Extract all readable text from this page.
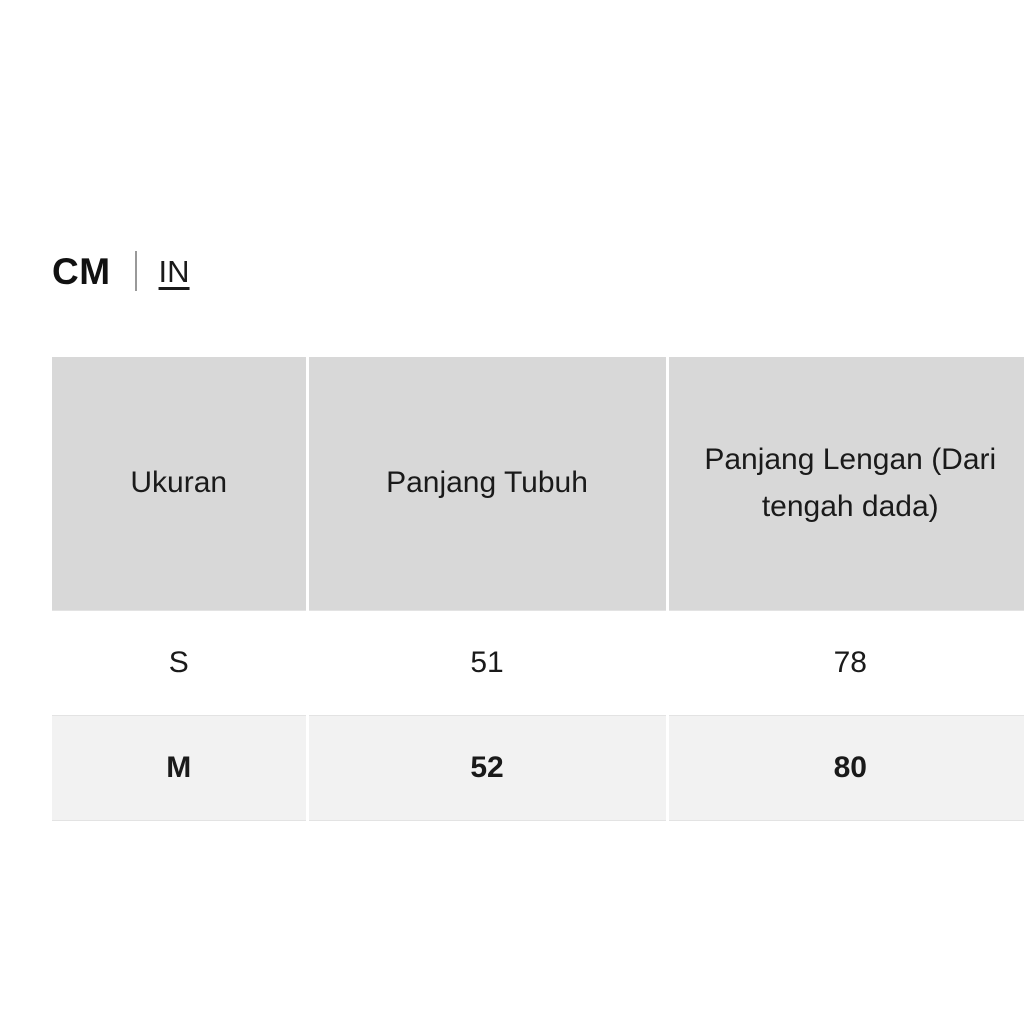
CM IN
Ukuran	Panjang Tubuh	Panjang Lengan (Dari tengah dada)
S	51	78
M	52	80
